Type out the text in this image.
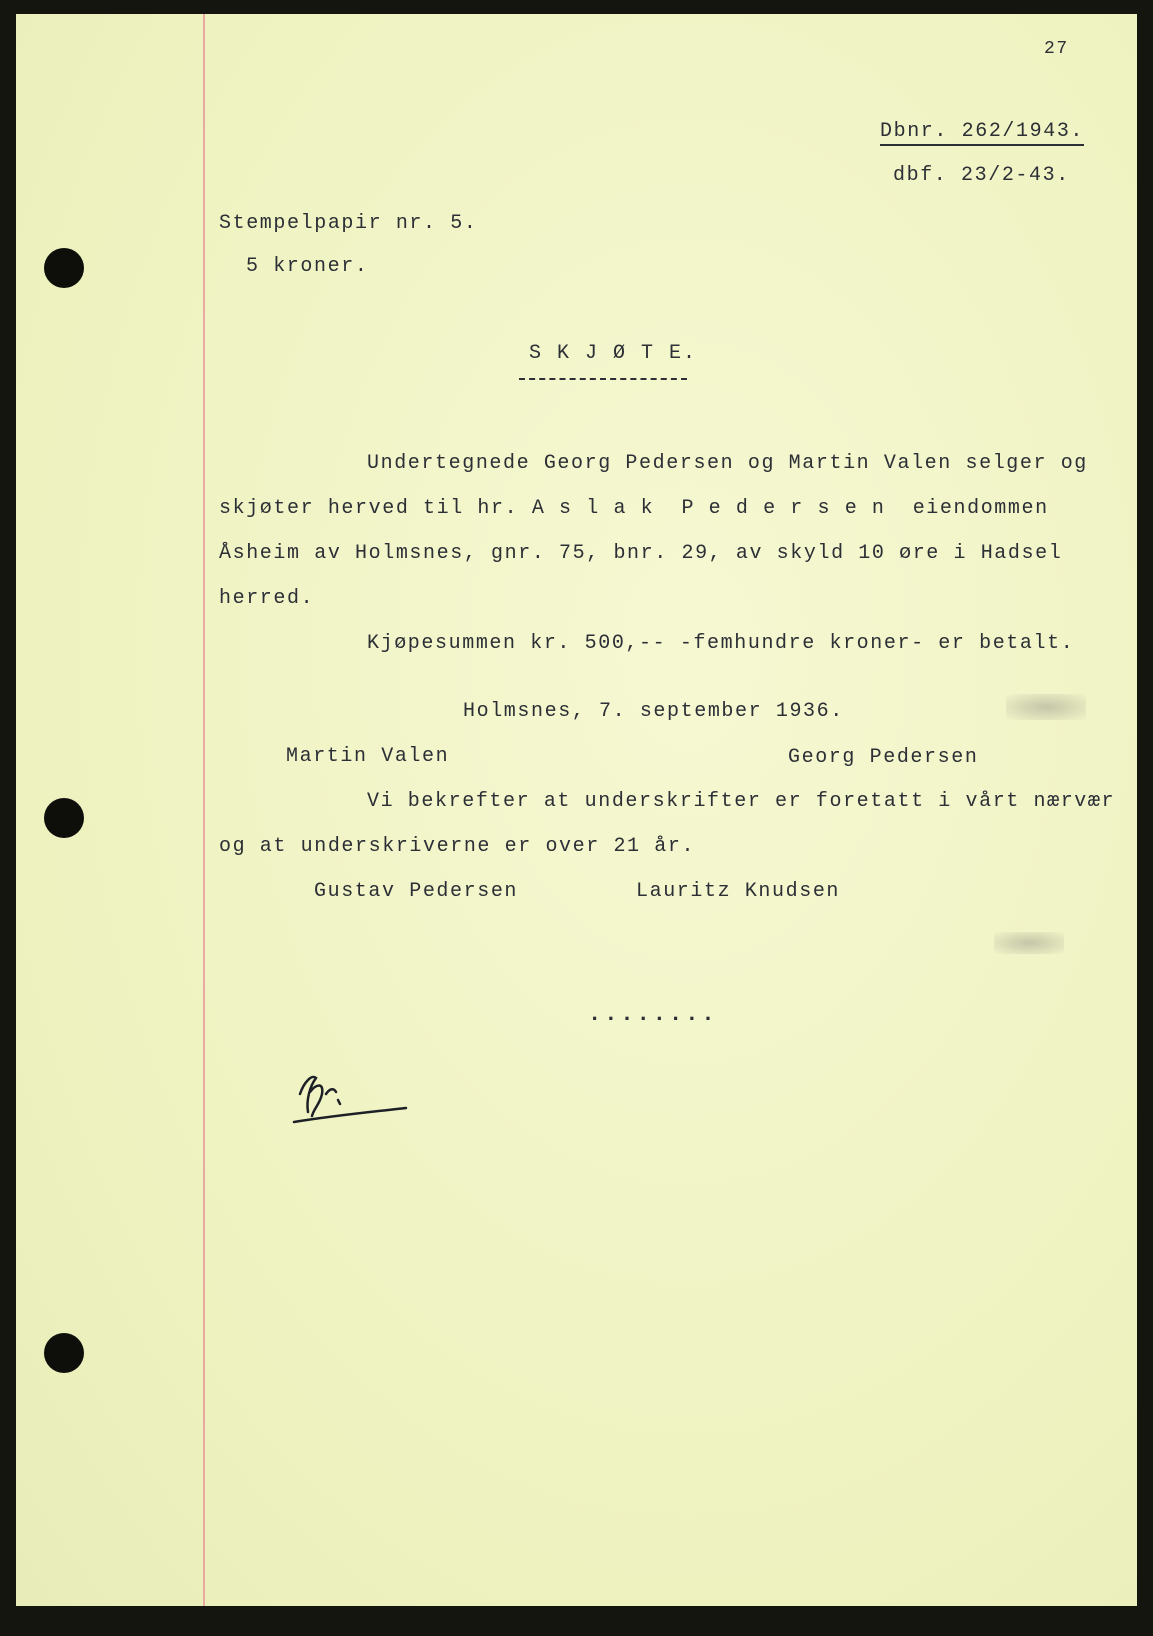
27
Dbnr. 262/1943.
dbf. 23/2-43.
Stempelpapir nr. 5.
5 kroner.
S K J Ø T E.
Undertegnede Georg Pedersen og Martin Valen selger og
skjøter herved til hr. A s l a k  P e d e r s e n  eiendommen
Åsheim av Holmsnes, gnr. 75, bnr. 29, av skyld 10 øre i Hadsel
herred.
Kjøpesummen kr. 500,-- -femhundre kroner- er betalt.
Holmsnes, 7. september 1936.
Martin Valen	Georg Pedersen
Vi bekrefter at underskrifter er foretatt i vårt nærvær
og at underskriverne er over 21 år.
Gustav Pedersen	Lauritz Knudsen
........
